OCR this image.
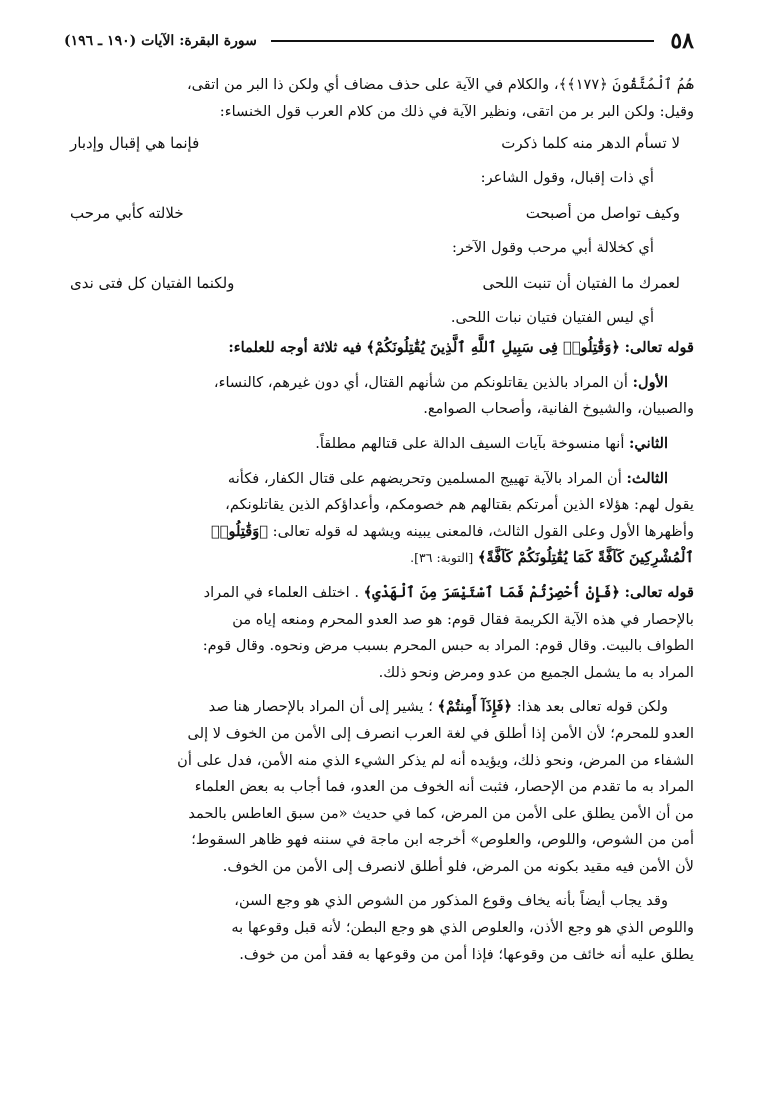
٥٨
سورة البقرة: الآيات (١٩٠ ـ ١٩٦)

هُمُ ٱلْمُتَّقُونَ ﴿١٧٧﴾﴾، والكلام في الآية على حذف مضاف أي ولكن ذا البر من اتقى،

وقيل: ولكن البر بر من اتقى، ونظير الآية في ذلك من كلام العرب قول الخنساء:

لا تسأم الدهر منه كلما ذكرت
فإنما هي إقبال وإدبار

أي ذات إقبال، وقول الشاعر:

وكيف تواصل من أصبحت
خلالته كأبي مرحب

أي كخلالة أبي مرحب وقول الآخر:

لعمرك ما الفتيان أن تنبت اللحى
ولكنما الفتيان كل فتى ندى

أي ليس الفتيان فتيان نبات اللحى.

قوله تعالى: ﴿وَقَٰتِلُوا۟ فِى سَبِيلِ ٱللَّهِ ٱلَّذِينَ يُقَٰتِلُونَكُمْ﴾ فيه ثلاثة أوجه للعلماء:

الأول: أن المراد بالذين يقاتلونكم من شأنهم القتال، أي دون غيرهم، كالنساء،

والصبيان، والشيوخ الفانية، وأصحاب الصوامع.

الثاني: أنها منسوخة بآيات السيف الدالة على قتالهم مطلقاً.

الثالث: أن المراد بالآية تهييج المسلمين وتحريضهم على قتال الكفار، فكأنه

يقول لهم: هؤلاء الذين أمرتكم بقتالهم هم خصومكم، وأعداؤكم الذين يقاتلونكم،

وأظهرها الأول وعلى القول الثالث، فالمعنى يبينه ويشهد له قوله تعالى: ﴿وَقَٰتِلُوا۟

ٱلْمُشْرِكِينَ كَآفَّةً كَمَا يُقَٰتِلُونَكُمْ كَآفَّةً﴾ [التوبة: ٣٦].

قوله تعالى: ﴿فَإِنْ أُحْصِرْتُمْ فَمَا ٱسْتَيْسَرَ مِنَ ٱلْهَدْىِ﴾ . اختلف العلماء في المراد

بالإحصار في هذه الآية الكريمة فقال قوم: هو صد العدو المحرم ومنعه إياه من

الطواف بالبيت. وقال قوم: المراد به حبس المحرم بسبب مرض ونحوه. وقال قوم:

المراد به ما يشمل الجميع من عدو ومرض ونحو ذلك.

ولكن قوله تعالى بعد هذا: ﴿فَإِذَآ أَمِنتُمْ﴾ ؛ يشير إلى أن المراد بالإحصار هنا صد

العدو للمحرم؛ لأن الأمن إذا أطلق في لغة العرب انصرف إلى الأمن من الخوف لا إلى

الشفاء من المرض، ونحو ذلك، ويؤيده أنه لم يذكر الشيء الذي منه الأمن، فدل على أن

المراد به ما تقدم من الإحصار، فثبت أنه الخوف من العدو، فما أجاب به بعض العلماء

من أن الأمن يطلق على الأمن من المرض، كما في حديث «من سبق العاطس بالحمد

أمن من الشوص، واللوص، والعلوص» أخرجه ابن ماجة في سننه فهو ظاهر السقوط؛

لأن الأمن فيه مقيد بكونه من المرض، فلو أطلق لانصرف إلى الأمن من الخوف.

وقد يجاب أيضاً بأنه يخاف وقوع المذكور من الشوص الذي هو وجع السن،

واللوص الذي هو وجع الأذن، والعلوص الذي هو وجع البطن؛ لأنه قبل وقوعها به

يطلق عليه أنه خائف من وقوعها؛ فإذا أمن من وقوعها به فقد أمن من خوف.
